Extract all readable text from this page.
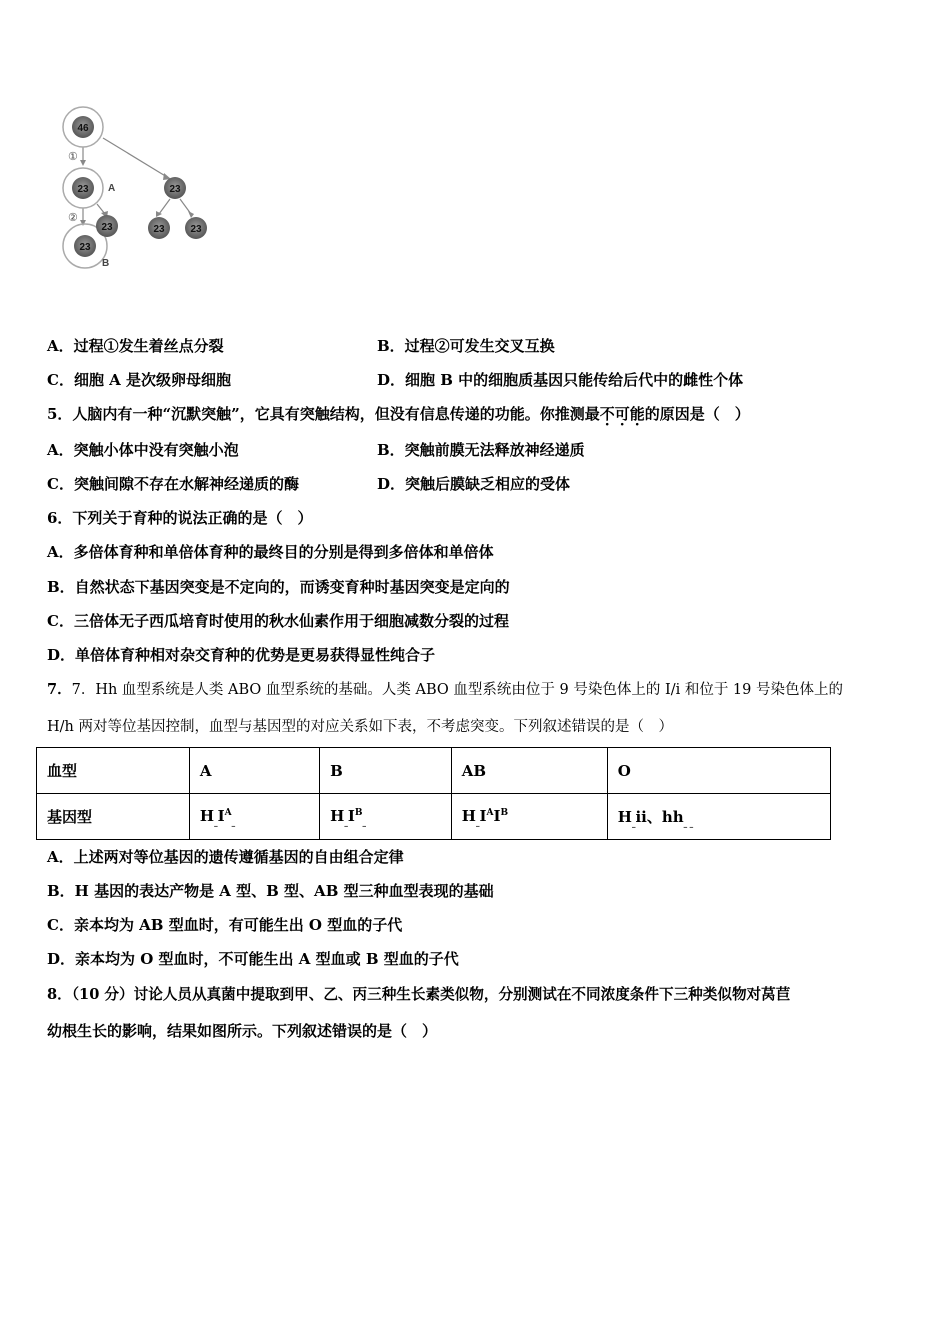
46
23	23
23
23
23	23
①
②
A
B
A．过程①发生着丝点分裂	B．过程②可发生交叉互换
C．细胞 A 是次级卵母细胞	D．细胞 B 中的细胞质基因只能传给后代中的雌性个体
5．人脑内有一种“沉默突触”，它具有突触结构，但没有信息传递的功能。你推测最不可能的原因是（　）
A．突触小体中没有突触小泡	B．突触前膜无法释放神经递质
C．突触间隙不存在水解神经递质的酶	D．突触后膜缺乏相应的受体
6．下列关于育种的说法正确的是（　）
A．多倍体育种和单倍体育种的最终目的分别是得到多倍体和单倍体
B．自然状态下基因突变是不定向的，而诱变育种时基因突变是定向的
C．三倍体无子西瓜培育时使用的秋水仙素作用于细胞减数分裂的过程
D．单倍体育种相对杂交育种的优势是更易获得显性纯合子
7．7．Hh 血型系统是人类 ABO 血型系统的基础。人类 ABO 血型系统由位于 9 号染色体上的 I/i 和位于 19 号染色体上的
H/h 两对等位基因控制，血型与基因型的对应关系如下表，不考虑突变。下列叙述错误的是（　）
血型	A	B	AB	O
基因型	$H_{\_}I^A_{\_}$	$H_{\_}I^B_{\_}$	$H_{\_}I^AI^B$	$H_{\_}ii$、$hh_{\_ \_}$
A．上述两对等位基因的遗传遵循基因的自由组合定律
B．H 基因的表达产物是 A 型、B 型、AB 型三种血型表现的基础
C．亲本均为 AB 型血时，有可能生出 O 型血的子代
D．亲本均为 O 型血时，不可能生出 A 型血或 B 型血的子代
8．（10 分）讨论人员从真菌中提取到甲、乙、丙三种生长素类似物，分别测试在不同浓度条件下三种类似物对莴苣
幼根生长的影响，结果如图所示。下列叙述错误的是（　）
